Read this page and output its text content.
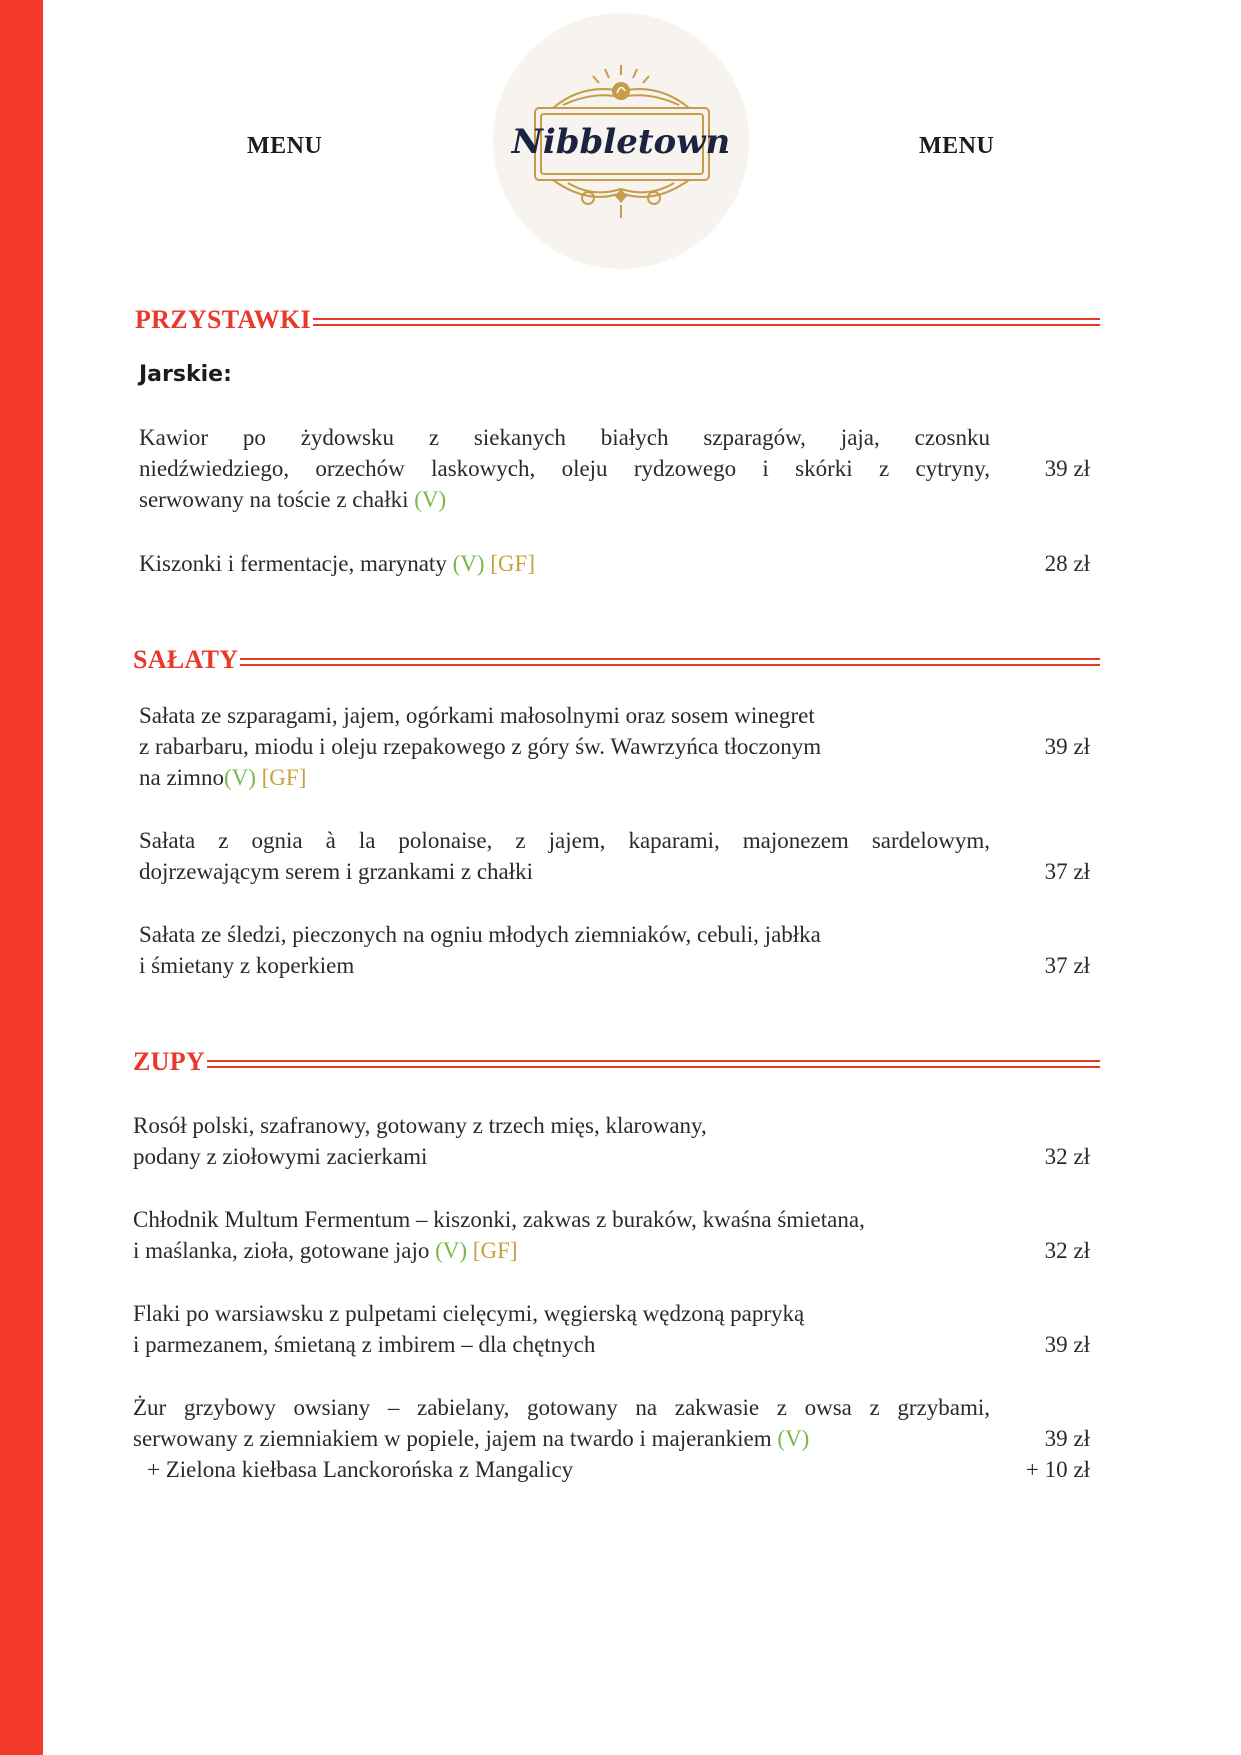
MENU	MENU
Nibbletown
PRZYSTAWKI
Jarskie:
Kawior po żydowsku z siekanych białych szparagów, jaja, czosnku
niedźwiedziego, orzechów laskowych, oleju rydzowego i skórki z cytryny,
serwowany na toście z chałki (V)
39 zł
Kiszonki i fermentacje, marynaty (V) [GF]	28 zł
SAŁATY
Sałata ze szparagami, jajem, ogórkami małosolnymi oraz sosem winegret
z rabarbaru, miodu i oleju rzepakowego z góry św. Wawrzyńca tłoczonym
na zimno(V) [GF]
39 zł
Sałata z ognia à la polonaise, z jajem, kaparami, majonezem sardelowym,
dojrzewającym serem i grzankami z chałki	37 zł
Sałata ze śledzi, pieczonych na ogniu młodych ziemniaków, cebuli, jabłka
i śmietany z koperkiem	37 zł
ZUPY
Rosół polski, szafranowy, gotowany z trzech mięs, klarowany,
podany z ziołowymi zacierkami	32 zł
Chłodnik Multum Fermentum – kiszonki, zakwas z buraków, kwaśna śmietana,
i maślanka, zioła, gotowane jajo (V) [GF]	32 zł
Flaki po warsiawsku z pulpetami cielęcymi, węgierską wędzoną papryką
i parmezanem, śmietaną z imbirem – dla chętnych	39 zł
Żur grzybowy owsiany – zabielany, gotowany na zakwasie z owsa z grzybami,
serwowany z ziemniakiem w popiele, jajem na twardo i majerankiem (V)	39 zł
+ Zielona kiełbasa Lanckorońska z Mangalicy	+ 10 zł
